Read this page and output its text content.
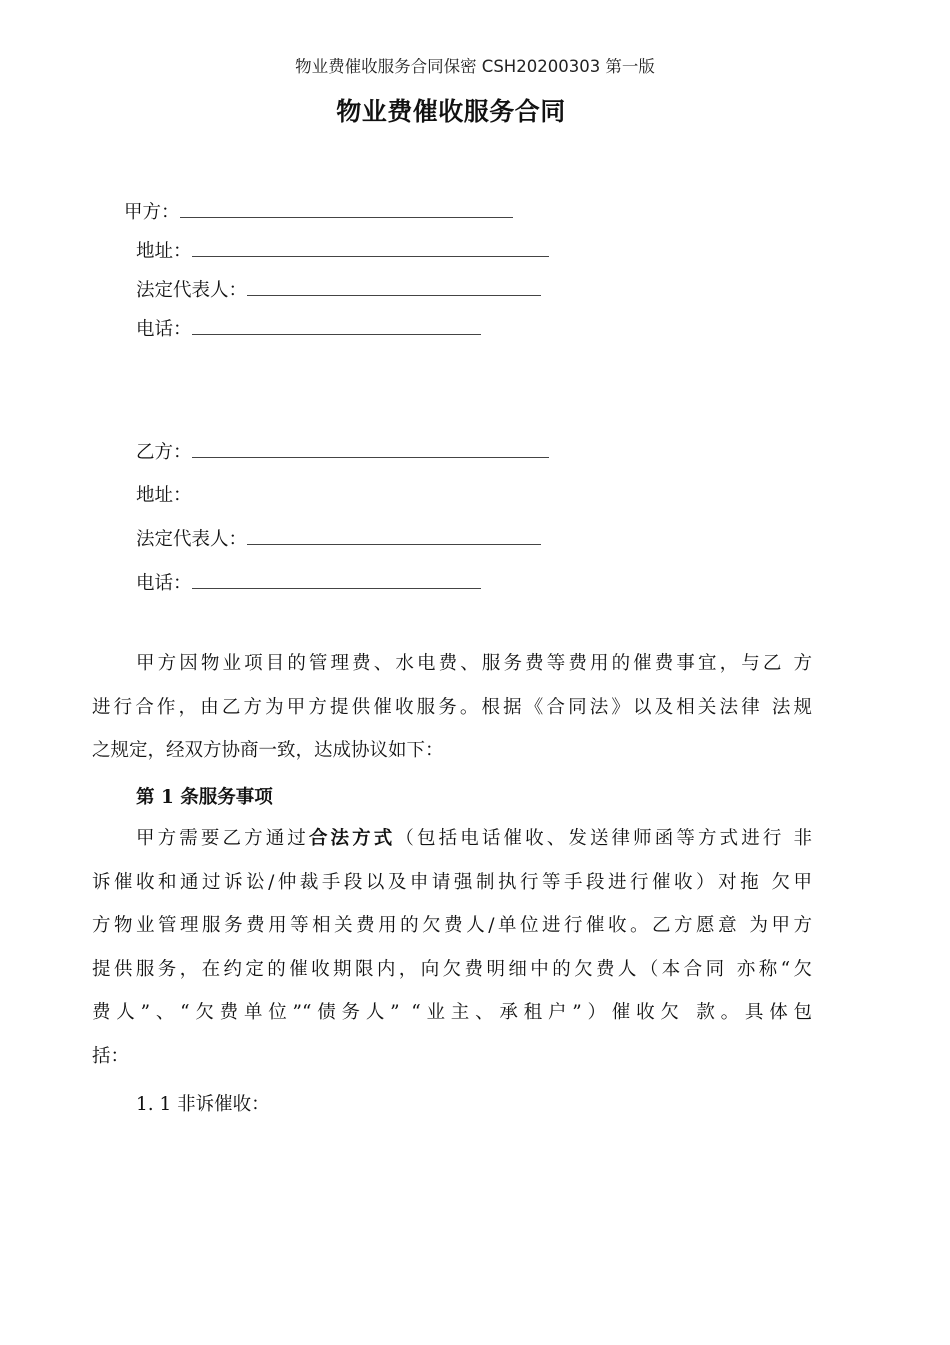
物业费催收服务合同保密 CSH20200303 第一版
物业费催收服务合同
甲方：
地址：
法定代表人：
电话：
乙方：
地址：
法定代表人：
电话：
甲方因物业项目的管理费、水电费、服务费等费用的催费事宜，与乙 方
进行合作，由乙方为甲方提供催收服务。根据《合同法》以及相关法律 法规
之规定，经双方协商一致，达成协议如下：
第 1 条服务事项
甲方需要乙方通过合法方式（包括电话催收、发送律师函等方式进行 非
诉催收和通过诉讼/仲裁手段以及申请强制执行等手段进行催收）对拖 欠甲
方物业管理服务费用等相关费用的欠费人/单位进行催收。乙方愿意 为甲方
提供服务，在约定的催收期限内，向欠费明细中的欠费人（本合同 亦称“欠
费人”、“欠费单位”“债务人” “业主、承租户”）催收欠 款。具体包
括：
1. 1 非诉催收：
